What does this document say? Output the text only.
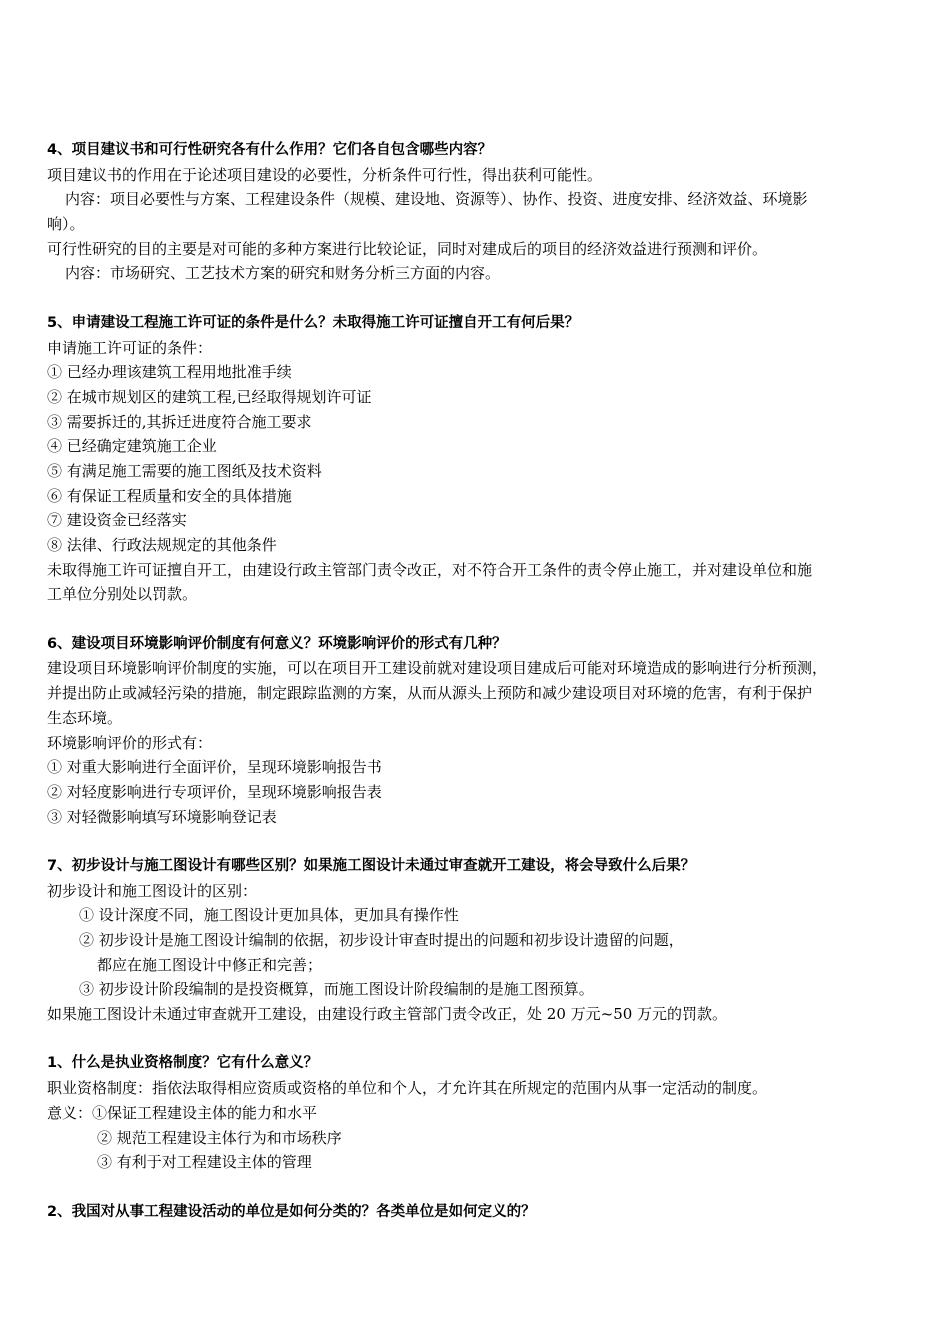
4、项目建议书和可行性研究各有什么作用？它们各自包含哪些内容？
项目建议书的作用在于论述项目建设的必要性，分析条件可行性，得出获利可能性。
内容：项目必要性与方案、工程建设条件（规模、建设地、资源等）、协作、投资、进度安排、经济效益、环境影
响）。
可行性研究的目的主要是对可能的多种方案进行比较论证，同时对建成后的项目的经济效益进行预测和评价。
内容：市场研究、工艺技术方案的研究和财务分析三方面的内容。
5、申请建设工程施工许可证的条件是什么？未取得施工许可证擅自开工有何后果？
申请施工许可证的条件：
① 已经办理该建筑工程用地批准手续
② 在城市规划区的建筑工程,已经取得规划许可证
③ 需要拆迁的,其拆迁进度符合施工要求
④ 已经确定建筑施工企业
⑤ 有满足施工需要的施工图纸及技术资料
⑥ 有保证工程质量和安全的具体措施
⑦ 建设资金已经落实
⑧ 法律、行政法规规定的其他条件
未取得施工许可证擅自开工，由建设行政主管部门责令改正，对不符合开工条件的责令停止施工，并对建设单位和施
工单位分别处以罚款。
6、建设项目环境影响评价制度有何意义？环境影响评价的形式有几种？
建设项目环境影响评价制度的实施，可以在项目开工建设前就对建设项目建成后可能对环境造成的影响进行分析预测，
并提出防止或减轻污染的措施，制定跟踪监测的方案，从而从源头上预防和减少建设项目对环境的危害，有利于保护
生态环境。
环境影响评价的形式有：
① 对重大影响进行全面评价，呈现环境影响报告书
② 对轻度影响进行专项评价，呈现环境影响报告表
③ 对轻微影响填写环境影响登记表
7、初步设计与施工图设计有哪些区别？如果施工图设计未通过审查就开工建设，将会导致什么后果？
初步设计和施工图设计的区别：
① 设计深度不同，施工图设计更加具体，更加具有操作性
② 初步设计是施工图设计编制的依据，初步设计审查时提出的问题和初步设计遗留的问题，
都应在施工图设计中修正和完善；
③ 初步设计阶段编制的是投资概算，而施工图设计阶段编制的是施工图预算。
如果施工图设计未通过审查就开工建设，由建设行政主管部门责令改正，处 20 万元~50 万元的罚款。
1、什么是执业资格制度？它有什么意义？
职业资格制度：指依法取得相应资质或资格的单位和个人，才允许其在所规定的范围内从事一定活动的制度。
意义：①保证工程建设主体的能力和水平
② 规范工程建设主体行为和市场秩序
③ 有利于对工程建设主体的管理
2、我国对从事工程建设活动的单位是如何分类的？各类单位是如何定义的？
